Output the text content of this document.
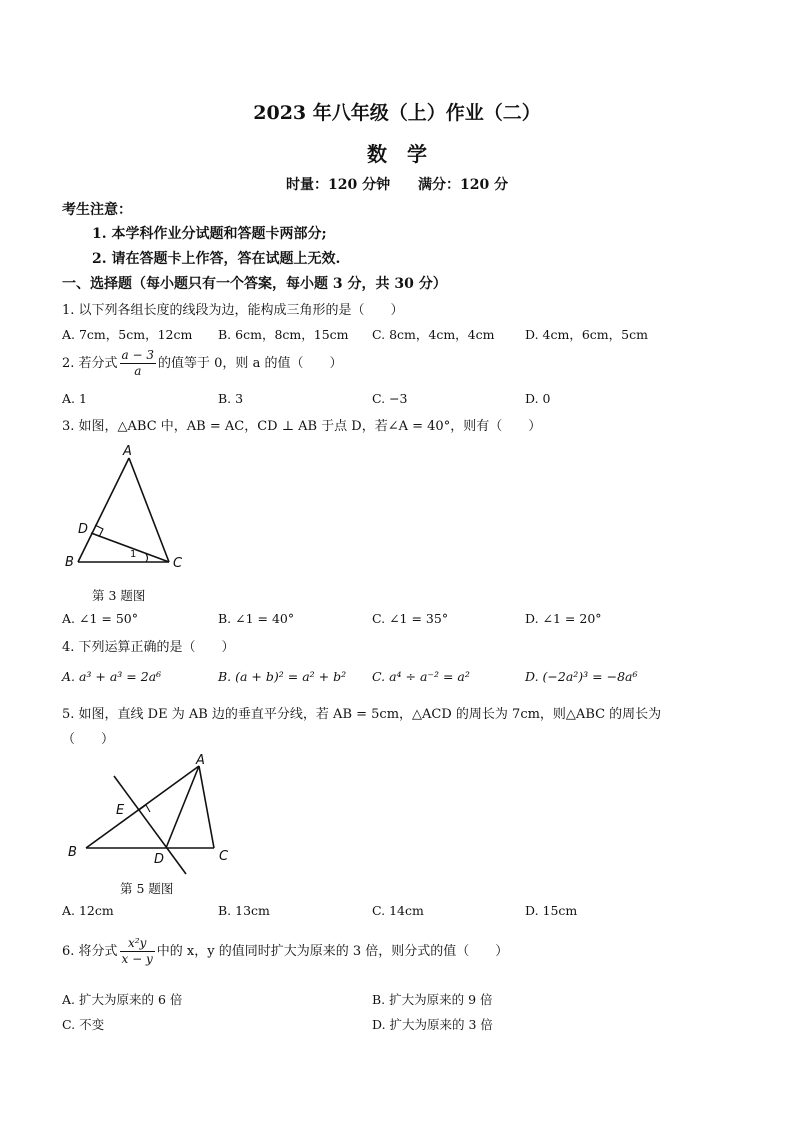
2023 年八年级（上）作业（二）
数学
时量：120 分钟 满分：120 分
考生注意：
1. 本学科作业分试题和答题卡两部分;
2. 请在答题卡上作答，答在试题上无效.
一、选择题（每小题只有一个答案，每小题 3 分，共 30 分）
1. 以下列各组长度的线段为边，能构成三角形的是（　　）
A. 7cm，5cm，12cm B. 6cm，8cm，15cm C. 8cm，4cm，4cm D. 4cm，6cm，5cm
2. 若分式 $\frac{a - 3}{a}$ 的值等于 0，则 a 的值（　　）
A. 1	B. 3	C. −3	D. 0
3. 如图，△ABC 中，AB = AC，CD ⊥ AB 于点 D，若∠A = 40°，则有（　　）
A
B	C
D
1
第 3 题图
A. ∠1 = 50°	B. ∠1 = 40°	C. ∠1 = 35°	D. ∠1 = 20°
4. 下列运算正确的是（　　）
A. a³ + a³ = 2a⁶	B. (a + b)² = a² + b² C. a⁴ ÷ a⁻² = a²	D. (−2a²)³ = −8a⁶
5. 如图，直线 DE 为 AB 边的垂直平分线，若 AB = 5cm，△ACD 的周长为 7cm，则△ABC 的周长为
（　　）
A
B	C
D
E
第 5 题图
A. 12cm	B. 13cm	C. 14cm	D. 15cm
6. 将分式 $\frac{\text{x²y}}{x - y}$ 中的 x，y 的值同时扩大为原来的 3 倍，则分式的值（　　）
A. 扩大为原来的 6 倍	B. 扩大为原来的 9 倍
C. 不变	D. 扩大为原来的 3 倍
